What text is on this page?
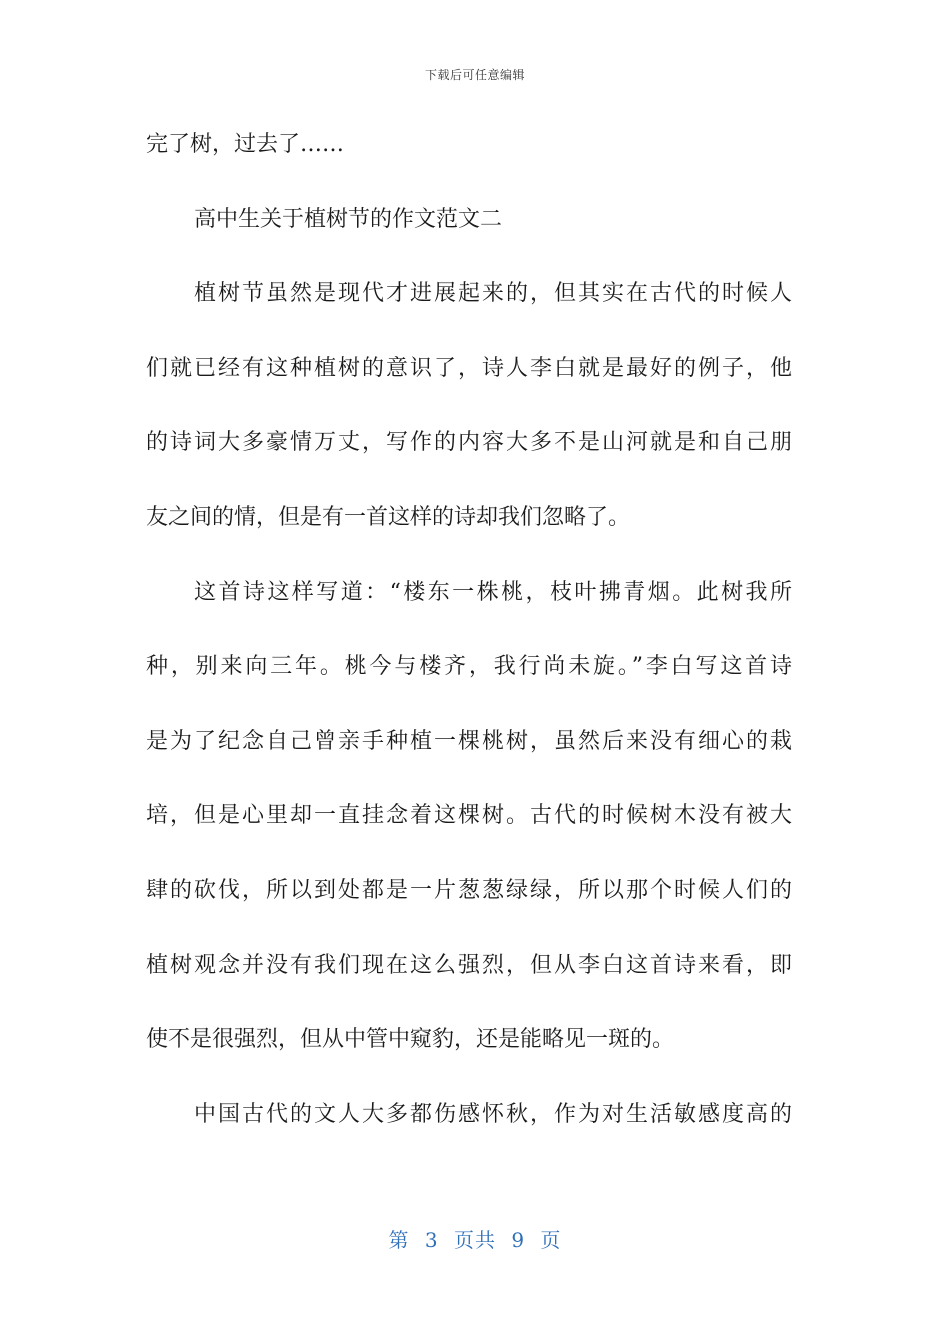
下载后可任意编辑
完了树，过去了……
高中生关于植树节的作文范文二
植树节虽然是现代才进展起来的，但其实在古代的时候人
们就已经有这种植树的意识了，诗人李白就是最好的例子，他
的诗词大多豪情万丈，写作的内容大多不是山河就是和自己朋
友之间的情，但是有一首这样的诗却我们忽略了。
这首诗这样写道：“楼东一株桃，枝叶拂青烟。此树我所
种，别来向三年。桃今与楼齐，我行尚未旋。”李白写这首诗
是为了纪念自己曾亲手种植一棵桃树，虽然后来没有细心的栽
培，但是心里却一直挂念着这棵树。古代的时候树木没有被大
肆的砍伐，所以到处都是一片葱葱绿绿，所以那个时候人们的
植树观念并没有我们现在这么强烈，但从李白这首诗来看，即
使不是很强烈，但从中管中窥豹，还是能略见一斑的。
中国古代的文人大多都伤感怀秋，作为对生活敏感度高的
第 3 页共 9 页
